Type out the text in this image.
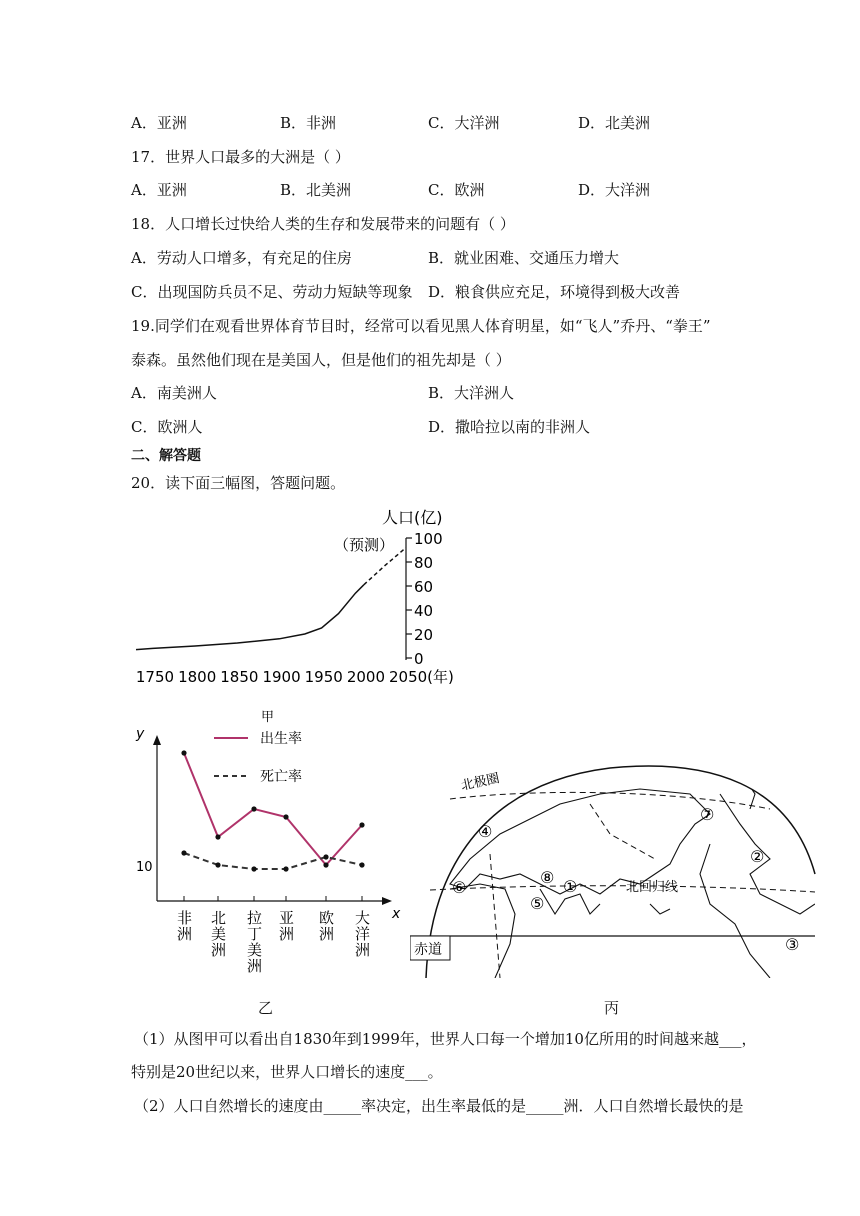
A．亚洲	B．非洲	C．大洋洲	D．北美洲
17．世界人口最多的大洲是（ ）
A．亚洲	B．北美洲	C．欧洲	D．大洋洲
18．人口增长过快给人类的生存和发展带来的问题有（ ）
A．劳动人口增多，有充足的住房	B．就业困难、交通压力增大
C．出现国防兵员不足、劳动力短缺等现象 D．粮食供应充足，环境得到极大改善
19.同学们在观看世界体育节目时，经常可以看见黑人体育明星，如“飞人”乔丹、“拳王”
泰森。虽然他们现在是美国人，但是他们的祖先却是（ ）
A．南美洲人	B．大洋洲人
C．欧洲人	D．撒哈拉以南的非洲人
二、解答题
20．读下面三幅图，答题问题。
人口(亿)
（预测） 100
80
60
40
20
0
1750 1800 1850 1900 1950 2000 2050(年)
甲
出生率
死亡率
y
x
10
非
洲
北
美
洲
拉
丁
美
洲
亚
洲
欧
洲
大
洋
洲	赤道
北回归线
北极圈
①
②
③
④
⑤
⑥
⑦
⑧
乙	丙
（1）从图甲可以看出自1830年到1999年，世界人口每一个增加10亿所用的时间越来越___，
特别是20世纪以来，世界人口增长的速度___。
（2）人口自然增长的速度由_____率决定，出生率最低的是_____洲．人口自然增长最快的是
